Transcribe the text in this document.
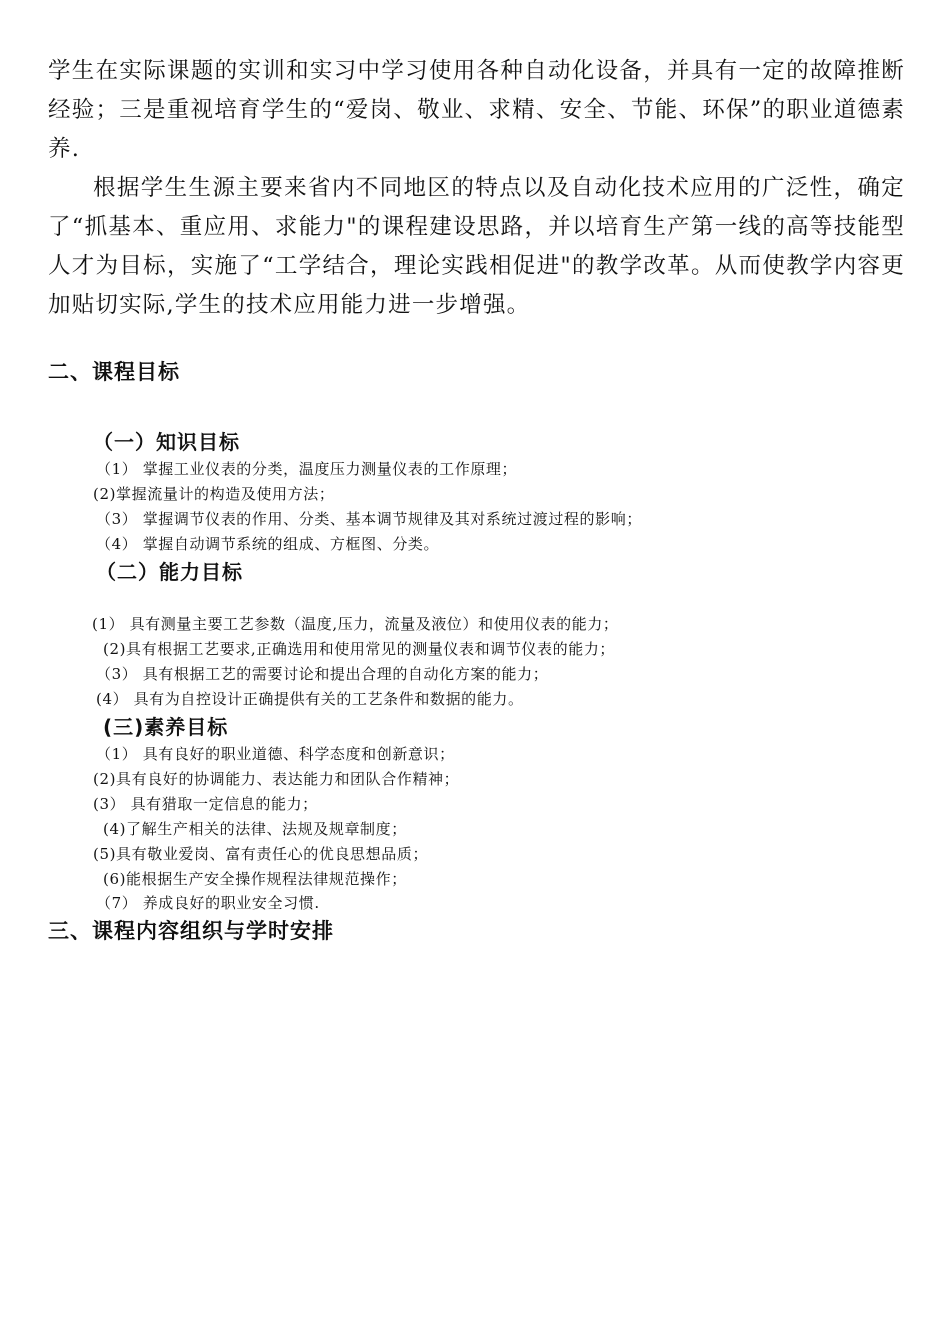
学生在实际课题的实训和实习中学习使用各种自动化设备，并具有一定的故障推断经验；三是重视培育学生的“爱岗、敬业、求精、安全、节能、环保”的职业道德素养.

根据学生生源主要来省内不同地区的特点以及自动化技术应用的广泛性，确定了“抓基本、重应用、求能力"的课程建设思路，并以培育生产第一线的高等技能型人才为目标，实施了“工学结合，理论实践相促进"的教学改革。从而使教学内容更加贴切实际,学生的技术应用能力进一步增强。

二、课程目标
（一）知识目标
（1） 掌握工业仪表的分类，温度压力测量仪表的工作原理；
(2)掌握流量计的构造及使用方法；
（3） 掌握调节仪表的作用、分类、基本调节规律及其对系统过渡过程的影响；
（4） 掌握自动调节系统的组成、方框图、分类。
（二）能力目标
(1） 具有测量主要工艺参数（温度,压力，流量及液位）和使用仪表的能力；
(2)具有根据工艺要求,正确选用和使用常见的测量仪表和调节仪表的能力；
（3） 具有根据工艺的需要讨论和提出合理的自动化方案的能力；
(4） 具有为自控设计正确提供有关的工艺条件和数据的能力。
(三)素养目标
（1） 具有良好的职业道德、科学态度和创新意识；
(2)具有良好的协调能力、表达能力和团队合作精神；
(3） 具有猎取一定信息的能力；
(4)了解生产相关的法律、法规及规章制度；
(5)具有敬业爱岗、富有责任心的优良思想品质；
(6)能根据生产安全操作规程法律规范操作；
（7） 养成良好的职业安全习惯.
三、课程内容组织与学时安排
